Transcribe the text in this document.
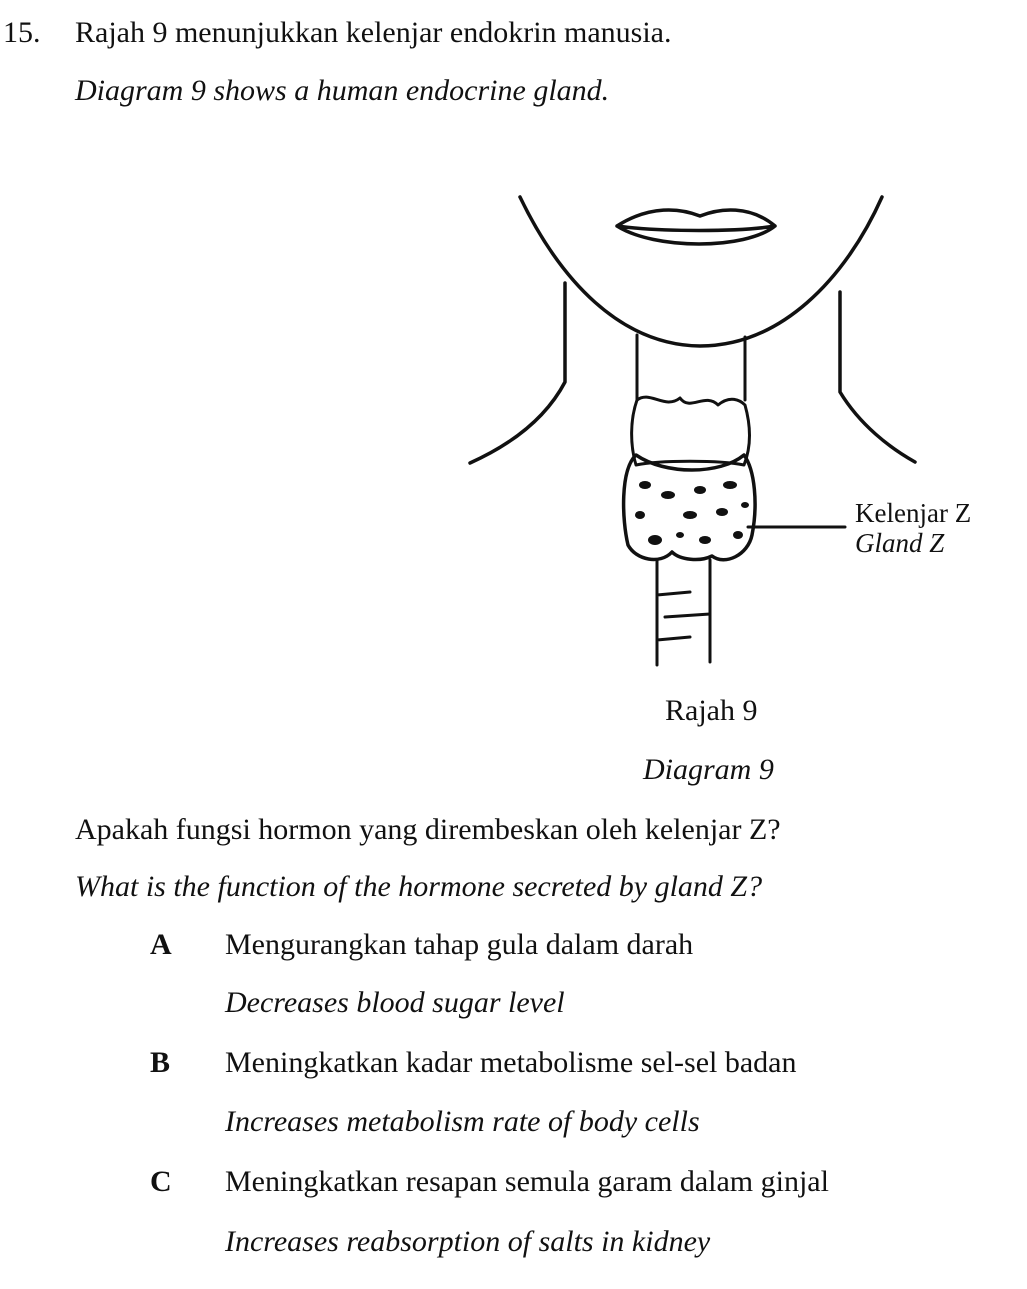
15. Rajah 9 menunjukkan kelenjar endokrin manusia.
Diagram 9 shows a human endocrine gland.
Kelenjar Z
Gland Z
Rajah 9
Diagram 9
Apakah fungsi hormon yang dirembeskan oleh kelenjar Z?
What is the function of the hormone secreted by gland Z?
A Mengurangkan tahap gula dalam darah
Decreases blood sugar level
B Meningkatkan kadar metabolisme sel-sel badan
Increases metabolism rate of body cells
C Meningkatkan resapan semula garam dalam ginjal
Increases reabsorption of salts in kidney
